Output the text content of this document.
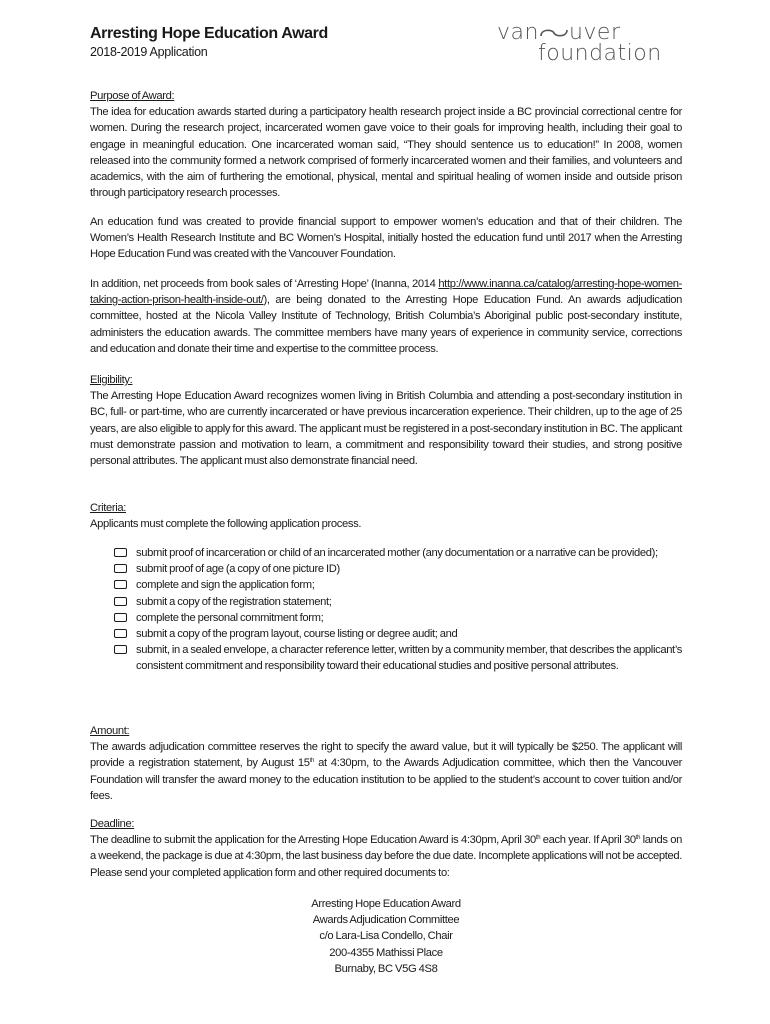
Arresting Hope Education Award

2018-2019 Application

van uver
foundation
Purpose of Award:

The idea for education awards started during a participatory health research project inside a BC provincial correctional centre for women. During the research project, incarcerated women gave voice to their goals for improving health, including their goal to engage in meaningful education. One incarcerated woman said, “They should sentence us to education!” In 2008, women released into the community formed a network comprised of formerly incarcerated women and their families, and volunteers and academics, with the aim of furthering the emotional, physical, mental and spiritual healing of women inside and outside prison through participatory research processes.

An education fund was created to provide financial support to empower women’s education and that of their children. The Women’s Health Research Institute and BC Women’s Hospital, initially hosted the education fund until 2017 when the Arresting Hope Education Fund was created with the Vancouver Foundation.

In addition, net proceeds from book sales of ‘Arresting Hope’ (Inanna, 2014 http://www.inanna.ca/catalog/arresting-hope-women-taking-action-prison-health-inside-out/), are being donated to the Arresting Hope Education Fund. An awards adjudication committee, hosted at the Nicola Valley Institute of Technology, British Columbia’s Aboriginal public post-secondary institute, administers the education awards. The committee members have many years of experience in community service, corrections and education and donate their time and expertise to the committee process.

Eligibility:

The Arresting Hope Education Award recognizes women living in British Columbia and attending a post-secondary institution in BC, full- or part-time, who are currently incarcerated or have previous incarceration experience. Their children, up to the age of 25 years, are also eligible to apply for this award. The applicant must be registered in a post-secondary institution in BC. The applicant must demonstrate passion and motivation to learn, a commitment and responsibility toward their studies, and strong positive personal attributes. The applicant must also demonstrate financial need.

Criteria:

Applicants must complete the following application process.

submit proof of incarceration or child of an incarcerated mother (any documentation or a narrative can be provided);
submit proof of age (a copy of one picture ID)
complete and sign the application form;
submit a copy of the registration statement;
complete the personal commitment form;
submit a copy of the program layout, course listing or degree audit; and
submit, in a sealed envelope, a character reference letter, written by a community member, that describes the applicant’s consistent commitment and responsibility toward their educational studies and positive personal attributes.
Amount:

The awards adjudication committee reserves the right to specify the award value, but it will typically be $250. The applicant will provide a registration statement, by August 15th at 4:30pm, to the Awards Adjudication committee, which then the Vancouver Foundation will transfer the award money to the education institution to be applied to the student’s account to cover tuition and/or fees.

Deadline:

The deadline to submit the application for the Arresting Hope Education Award is 4:30pm, April 30th each year. If April 30th lands on a weekend, the package is due at 4:30pm, the last business day before the due date. Incomplete applications will not be accepted. Please send your completed application form and other required documents to:

Arresting Hope Education Award
Awards Adjudication Committee
c/o Lara-Lisa Condello, Chair
200-4355 Mathissi Place
Burnaby, BC V5G 4S8
